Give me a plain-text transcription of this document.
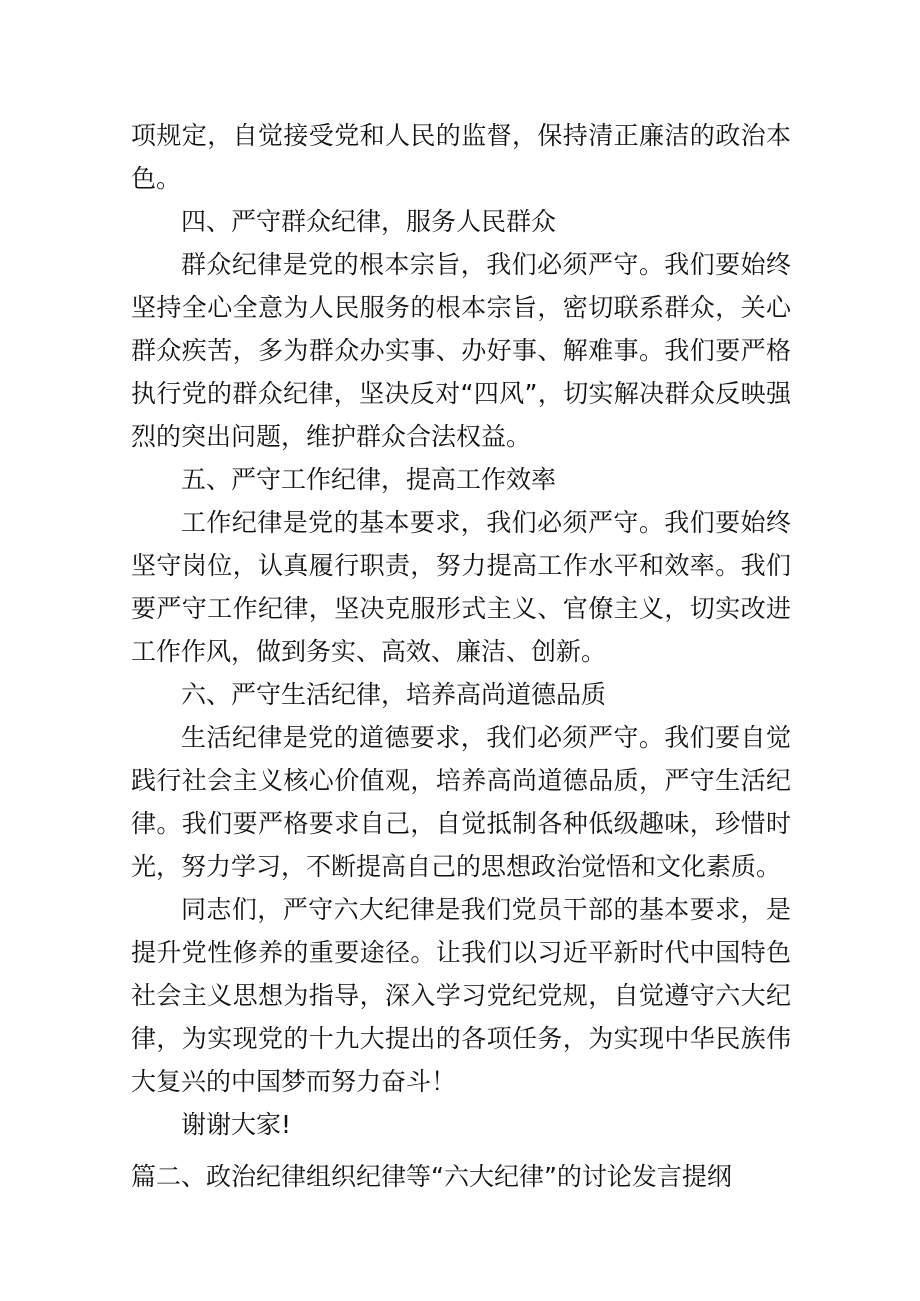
项规定，自觉接受党和人民的监督，保持清正廉洁的政治本色。

四、严守群众纪律，服务人民群众

群众纪律是党的根本宗旨，我们必须严守。我们要始终坚持全心全意为人民服务的根本宗旨，密切联系群众，关心群众疾苦，多为群众办实事、办好事、解难事。我们要严格执行党的群众纪律，坚决反对“四风”，切实解决群众反映强烈的突出问题，维护群众合法权益。

五、严守工作纪律，提高工作效率

工作纪律是党的基本要求，我们必须严守。我们要始终坚守岗位，认真履行职责，努力提高工作水平和效率。我们要严守工作纪律，坚决克服形式主义、官僚主义，切实改进工作作风，做到务实、高效、廉洁、创新。

六、严守生活纪律，培养高尚道德品质

生活纪律是党的道德要求，我们必须严守。我们要自觉践行社会主义核心价值观，培养高尚道德品质，严守生活纪律。我们要严格要求自己，自觉抵制各种低级趣味，珍惜时光，努力学习，不断提高自己的思想政治觉悟和文化素质。

同志们，严守六大纪律是我们党员干部的基本要求，是提升党性修养的重要途径。让我们以习近平新时代中国特色社会主义思想为指导，深入学习党纪党规，自觉遵守六大纪律，为实现党的十九大提出的各项任务，为实现中华民族伟大复兴的中国梦而努力奋斗！

谢谢大家!

篇二、政治纪律组织纪律等“六大纪律”的讨论发言提纲
